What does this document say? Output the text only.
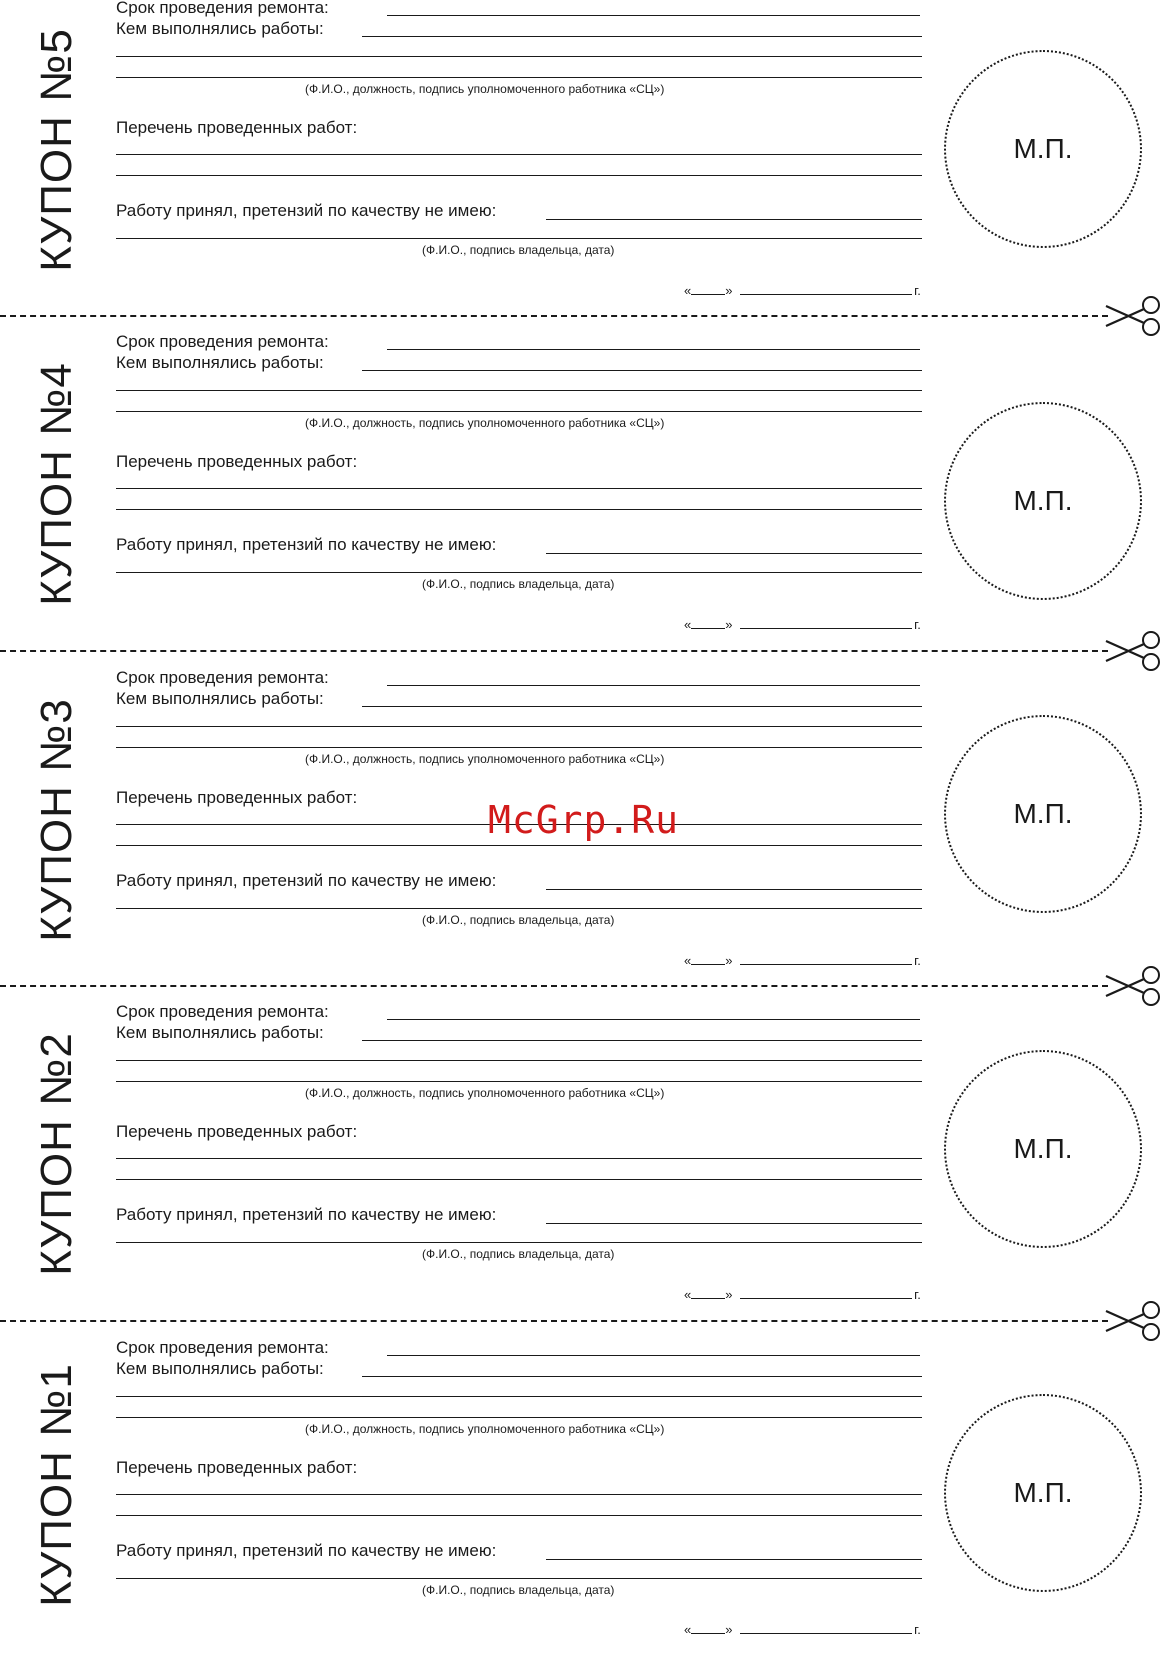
КУПОН №5
Срок проведения ремонта:
Кем выполнялись работы:
(Ф.И.О., должность, подпись уполномоченного работника «СЦ»)
Перечень проведенных работ:
Работу принял, претензий по качеству не имею:
(Ф.И.О., подпись владельца, дата)
М.П.
«	»	г.
КУПОН №4
Срок проведения ремонта:
Кем выполнялись работы:
(Ф.И.О., должность, подпись уполномоченного работника «СЦ»)
Перечень проведенных работ:
Работу принял, претензий по качеству не имею:
(Ф.И.О., подпись владельца, дата)
М.П.
«	»	г.
КУПОН №3
Срок проведения ремонта:
Кем выполнялись работы:
(Ф.И.О., должность, подпись уполномоченного работника «СЦ»)
Перечень проведенных работ:
Работу принял, претензий по качеству не имею:
(Ф.И.О., подпись владельца, дата)
М.П.
«	»	г.
КУПОН №2
Срок проведения ремонта:
Кем выполнялись работы:
(Ф.И.О., должность, подпись уполномоченного работника «СЦ»)
Перечень проведенных работ:
Работу принял, претензий по качеству не имею:
(Ф.И.О., подпись владельца, дата)
М.П.
«	»	г.
КУПОН №1
Срок проведения ремонта:
Кем выполнялись работы:
(Ф.И.О., должность, подпись уполномоченного работника «СЦ»)
Перечень проведенных работ:
Работу принял, претензий по качеству не имею:
(Ф.И.О., подпись владельца, дата)
М.П.
«	»	г.
McGrp.Ru
